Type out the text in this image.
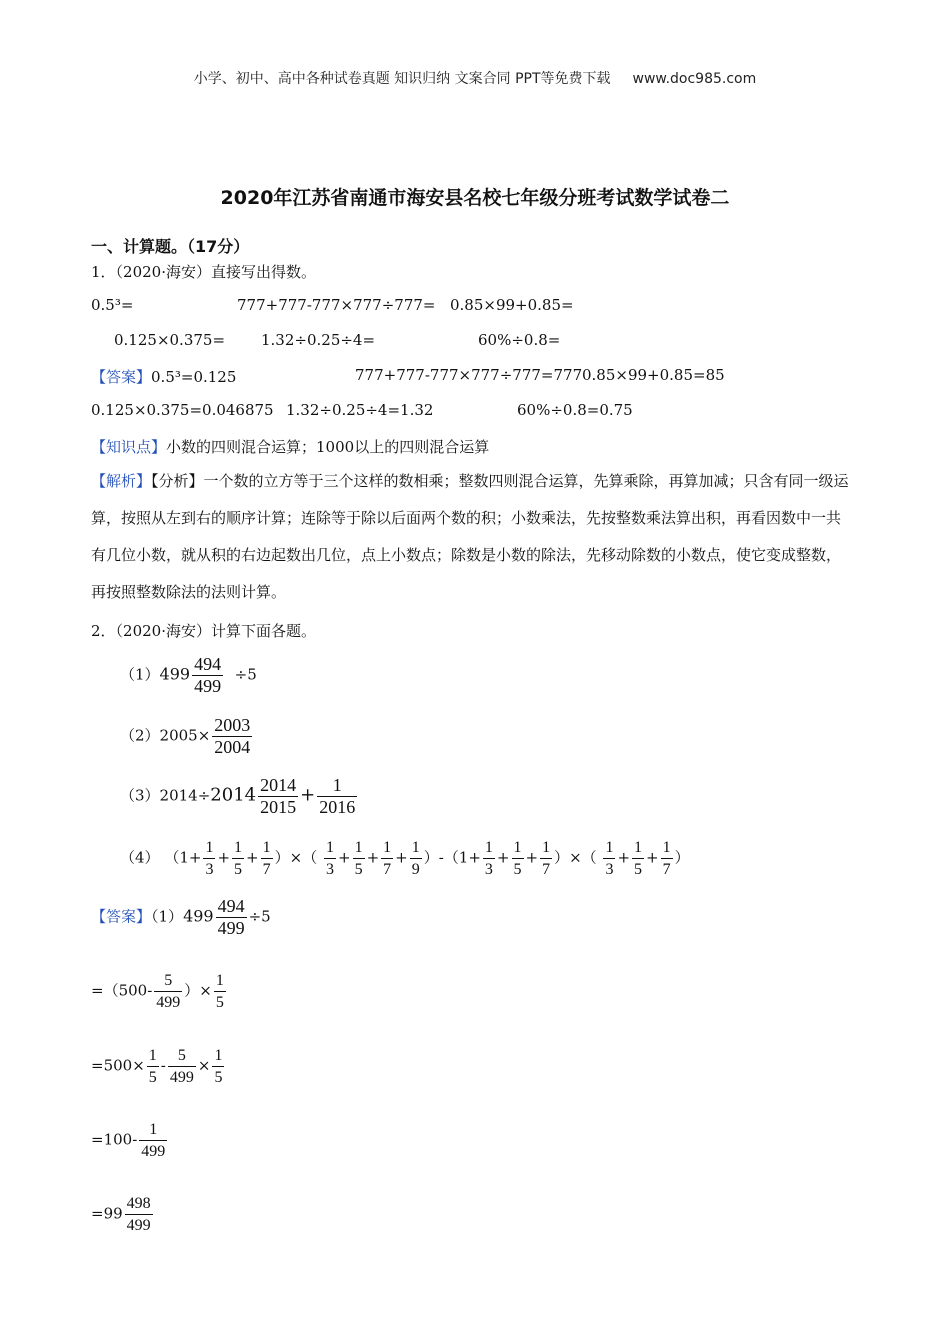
小学、初中、高中各种试卷真题 知识归纳 文案合同 PPT等免费下载 www.doc985.com
2020年江苏省南通市海安县名校七年级分班考试数学试卷二
一、计算题。（17分）
1．（2020·海安）直接写出得数。
0.5³=	777+777-777×777÷777= 0.85×99+0.85=
0.125×0.375= 1.32÷0.25÷4=	60%÷0.8=
【答案】0.5³=0.125	777+777-777×777÷777=777 0.85×99+0.85=85
0.125×0.375=0.046875 1.32÷0.25÷4=1.32	60%÷0.8=0.75
【知识点】小数的四则混合运算；1000以上的四则混合运算
【解析】【分析】一个数的立方等于三个这样的数相乘；整数四则混合运算，先算乘除，再算加减；只含有同一级运算，按照从左到右的顺序计算；连除等于除以后面两个数的积；小数乘法，先按整数乘法算出积，再看因数中一共有几位小数，就从积的右边起数出几位，点上小数点；除数是小数的除法，先移动除数的小数点，使它变成整数，再按照整数除法的法则计算。
2．（2020·海安）计算下面各题。
$(1)499 \frac{494}{499} \div 5$
$(2)2005\times \frac{2003}{2004}$
$(3)2014\div 2014 \frac{2014}{2015} + \frac{1}{2016}$
（4） （$1+ \frac{1}{3} + \frac{1}{5} + \frac{1}{7}$ ）×（ $\frac{1}{3} + \frac{1}{5} + \frac{1}{7} + \frac{1}{9} )-(1+ \frac{1}{3} + \frac{1}{5} + \frac{1}{7}$ ）×（ $\frac{1}{3} + \frac{1}{5} + \frac{1}{7}$ ）
【答案】$(1)499 \frac{494}{499} \div 5$
$=(500- \frac{5}{499}$ ）× $\frac{1}{5}$
$=500\times \frac{1}{5} - \frac{5}{499} \times \frac{1}{5}$
$=100- \frac{1}{499}$
$=99 \frac{498}{499}$
